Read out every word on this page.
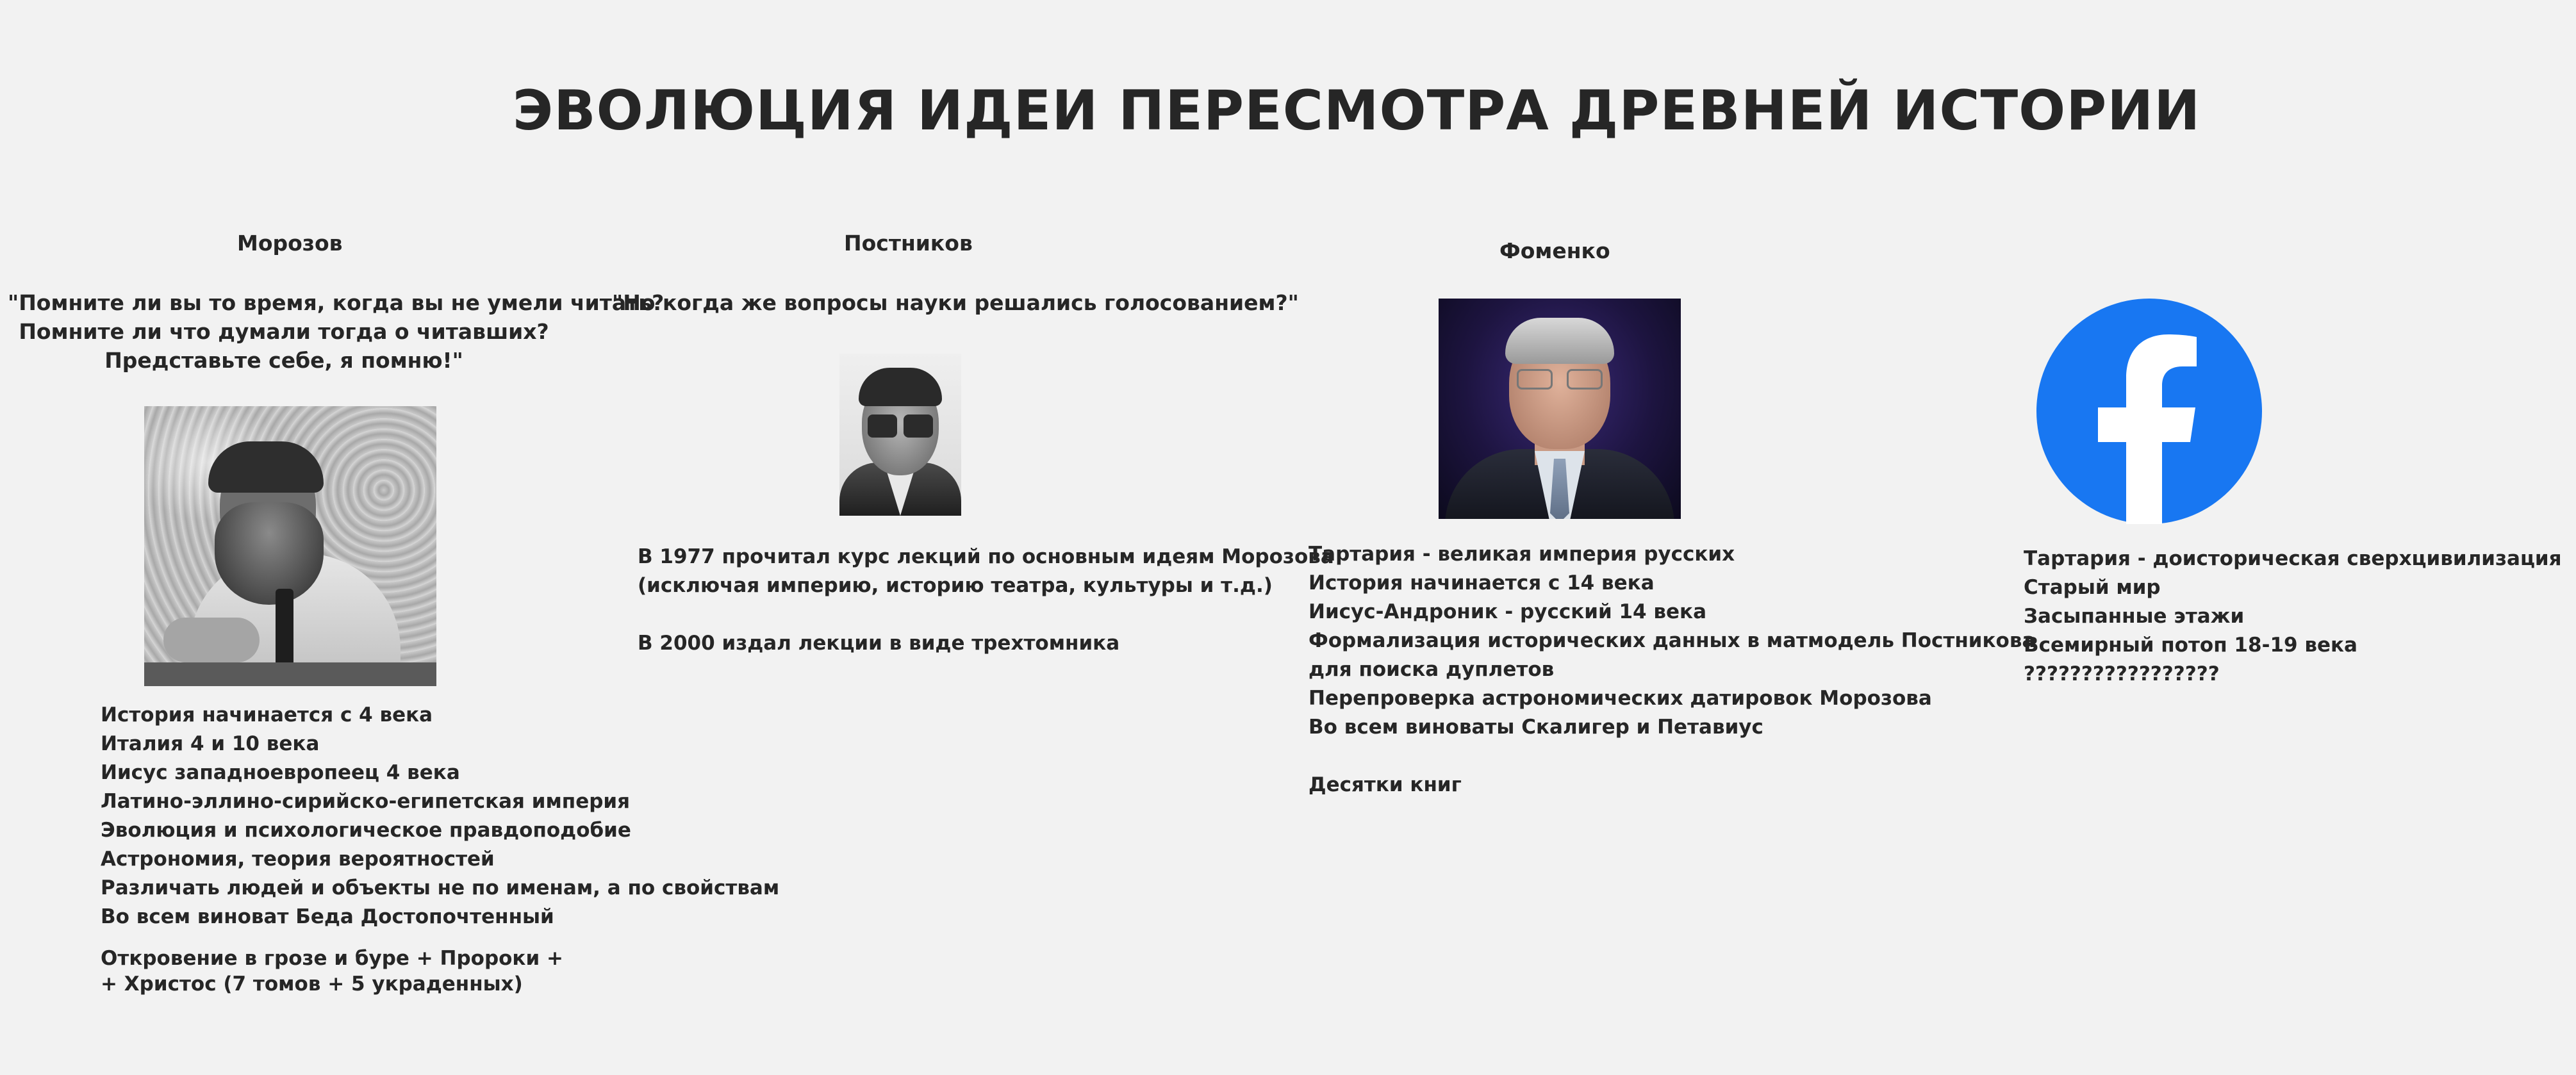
ЭВОЛЮЦИЯ ИДЕИ ПЕРЕСМОТРА ДРЕВНЕЙ ИСТОРИИ
Морозов
"Помните ли вы то время, когда вы не умели читать?
Помните ли что думали тогда о читавших?
Представьте себе, я помню!"
История начинается с 4 века
Италия 4 и 10 века
Иисус западноевропеец 4 века
Латино-эллино-сирийско-египетская империя
Эволюция и психологическое правдоподобие
Астрономия, теория вероятностей
Различать людей и объекты не по именам, а по свойствам
Во всем виноват Беда Достопочтенный
Откровение в грозе и буре + Пророки +
+ Христос (7 томов + 5 украденных)
Постников
"Но когда же вопросы науки решались голосованием?"
В 1977 прочитал курс лекций по основным идеям Морозова
(исключая империю, историю театра, культуры и т.д.)
В 2000 издал лекции в виде трехтомника
Фоменко
Тартария - великая империя русских
История начинается с 14 века
Иисус-Андроник - русский 14 века
Формализация исторических данных в матмодель Постникова
для поиска дуплетов
Перепроверка астрономических датировок Морозова
Во всем виноваты Скалигер и Петавиус
Десятки книг
Тартария - доисторическая сверхцивилизация
Старый мир
Засыпанные этажи
Всемирный потоп 18-19 века
?????????????????
